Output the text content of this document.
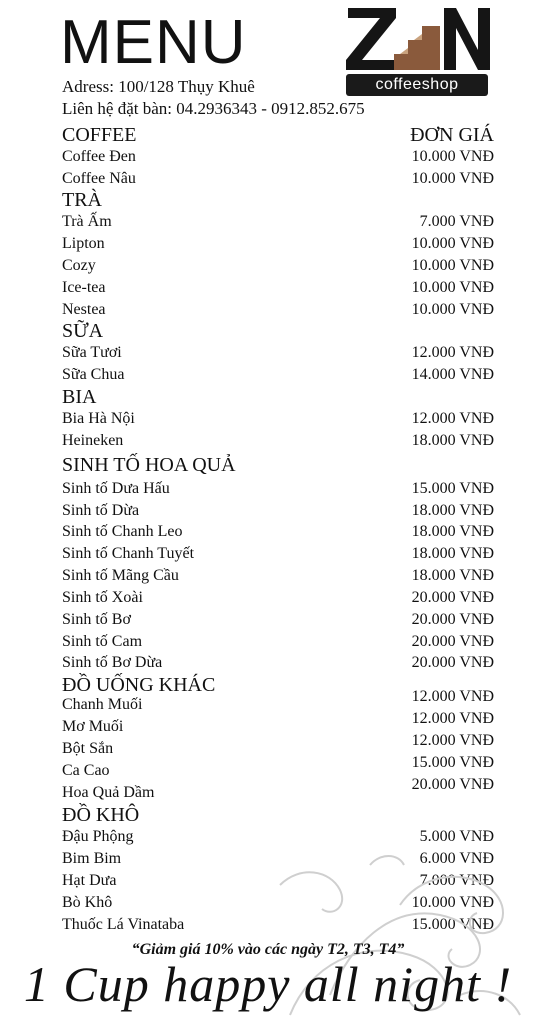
MENU
coffeeshop
Adress: 100/128 Thụy Khuê
Liên hệ đặt bàn: 04.2936343 - 0912.852.675
COFFEE	ĐƠN GIÁ
Coffee Đen	10.000 VNĐ
Coffee Nâu	10.000 VNĐ
TRÀ
Trà Ấm	7.000 VNĐ
Lipton	10.000 VNĐ
Cozy	10.000 VNĐ
Ice-tea	10.000 VNĐ
Nestea	10.000 VNĐ
SỮA
Sữa Tươi	12.000 VNĐ
Sữa Chua	14.000 VNĐ
BIA
Bia Hà Nội	12.000 VNĐ
Heineken	18.000 VNĐ
SINH TỐ HOA QUẢ
Sinh tố Dưa Hấu	15.000 VNĐ
Sinh tố Dừa	18.000 VNĐ
Sinh tố Chanh Leo	18.000 VNĐ
Sinh tố Chanh Tuyết	18.000 VNĐ
Sinh tố Mãng Cầu	18.000 VNĐ
Sinh tố Xoài	20.000 VNĐ
Sinh tố Bơ	20.000 VNĐ
Sinh tố Cam	20.000 VNĐ
Sinh tố Bơ Dừa	20.000 VNĐ
ĐỒ UỐNG KHÁC
Chanh Muối	12.000 VNĐ
Mơ Muối	12.000 VNĐ
Bột Sắn	12.000 VNĐ
Ca Cao	15.000 VNĐ
Hoa Quả Dầm	20.000 VNĐ
ĐỒ KHÔ
Đậu Phộng	5.000 VNĐ
Bim Bim	6.000 VNĐ
Hạt Dưa	7.000 VNĐ
Bò Khô	10.000 VNĐ
Thuốc Lá Vinataba	15.000 VNĐ
“Giảm giá 10% vào các ngày T2, T3, T4”
1 Cup happy all night !
